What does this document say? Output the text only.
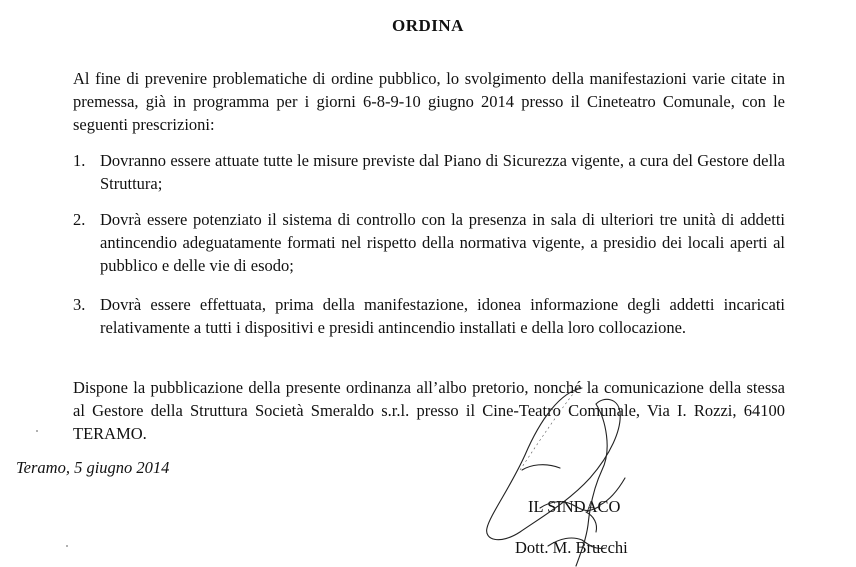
ORDINA

Al fine di prevenire problematiche di ordine pubblico, lo svolgimento della manifestazioni varie citate in premessa, già in programma per i giorni 6-8-9-10 giugno 2014 presso il Cineteatro Comunale, con le seguenti prescrizioni:

1. Dovranno essere attuate tutte le misure previste dal Piano di Sicurezza vigente, a cura del Gestore della Struttura;
2. Dovrà essere potenziato il sistema di controllo con la presenza in sala di ulteriori tre unità di addetti antincendio adeguatamente formati nel rispetto della normativa vigente, a presidio dei locali aperti al pubblico e delle vie di esodo;
3. Dovrà essere effettuata, prima della manifestazione, idonea informazione degli addetti incaricati relativamente a tutti i dispositivi e presidi antincendio installati e della loro collocazione.

Dispone la pubblicazione della presente ordinanza all’albo pretorio, nonché la comunicazione della stessa al Gestore della Struttura Società Smeraldo s.r.l. presso il Cine-Teatro Comunale, Via I. Rozzi, 64100 TERAMO.

Teramo, 5 giugno 2014
IL SINDACO
Dott. M. Brucchi
